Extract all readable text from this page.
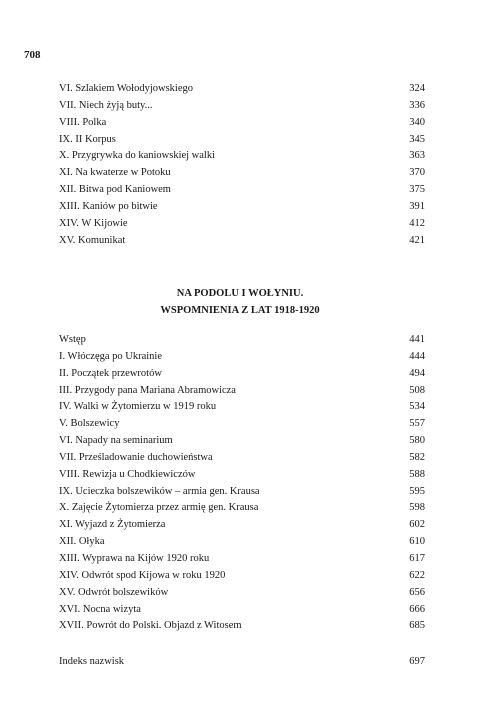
708
VI. Szlakiem Wołodyjowskiego	324
VII. Niech żyją buty...	336
VIII. Polka	340
IX. II Korpus	345
X. Przygrywka do kaniowskiej walki	363
XI. Na kwaterze w Potoku	370
XII. Bitwa pod Kaniowem	375
XIII. Kaniów po bitwie	391
XIV. W Kijowie	412
XV. Komunikat	421
NA PODOLU I WOŁYNIU.
WSPOMNIENIA Z LAT 1918-1920
Wstęp	441
I. Włóczęga po Ukrainie	444
II. Początek przewrotów	494
III. Przygody pana Mariana Abramowicza	508
IV. Walki w Żytomierzu w 1919 roku	534
V. Bolszewicy	557
VI. Napady na seminarium	580
VII. Prześladowanie duchowieństwa	582
VIII. Rewizja u Chodkiewiczów	588
IX. Ucieczka bolszewików – armia gen. Krausa	595
X. Zajęcie Żytomierza przez armię gen. Krausa	598
XI. Wyjazd z Żytomierza	602
XII. Ołyka	610
XIII. Wyprawa na Kijów 1920 roku	617
XIV. Odwrót spod Kijowa w roku 1920	622
XV. Odwrót bolszewików	656
XVI. Nocna wizyta	666
XVII. Powrót do Polski. Objazd z Witosem	685
Indeks nazwisk	697
